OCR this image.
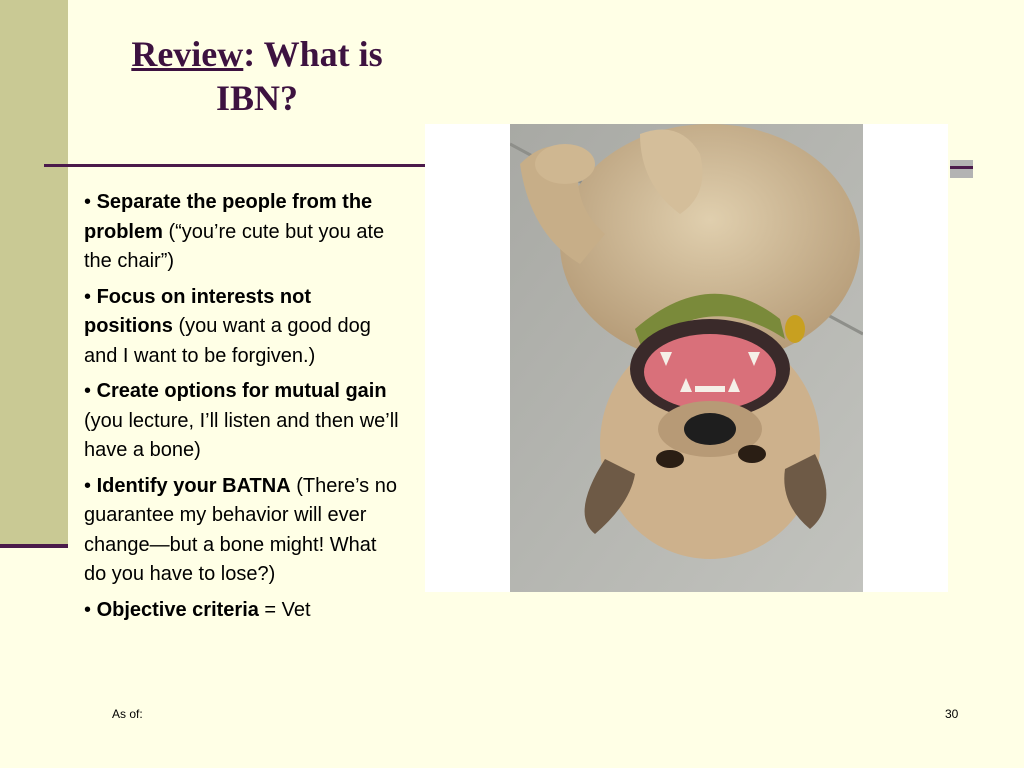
Review: What is
IBN?
• Separate the people from the problem (“you’re cute but you ate the chair”)
• Focus on interests not positions (you want a good dog and I want to be forgiven.)
• Create options for mutual gain (you lecture, I’ll listen and then we’ll have a bone)
• Identify your BATNA (There’s no guarantee my behavior will ever change—but a bone might! What do you have to lose?)
• Objective criteria = Vet
As of:	30
